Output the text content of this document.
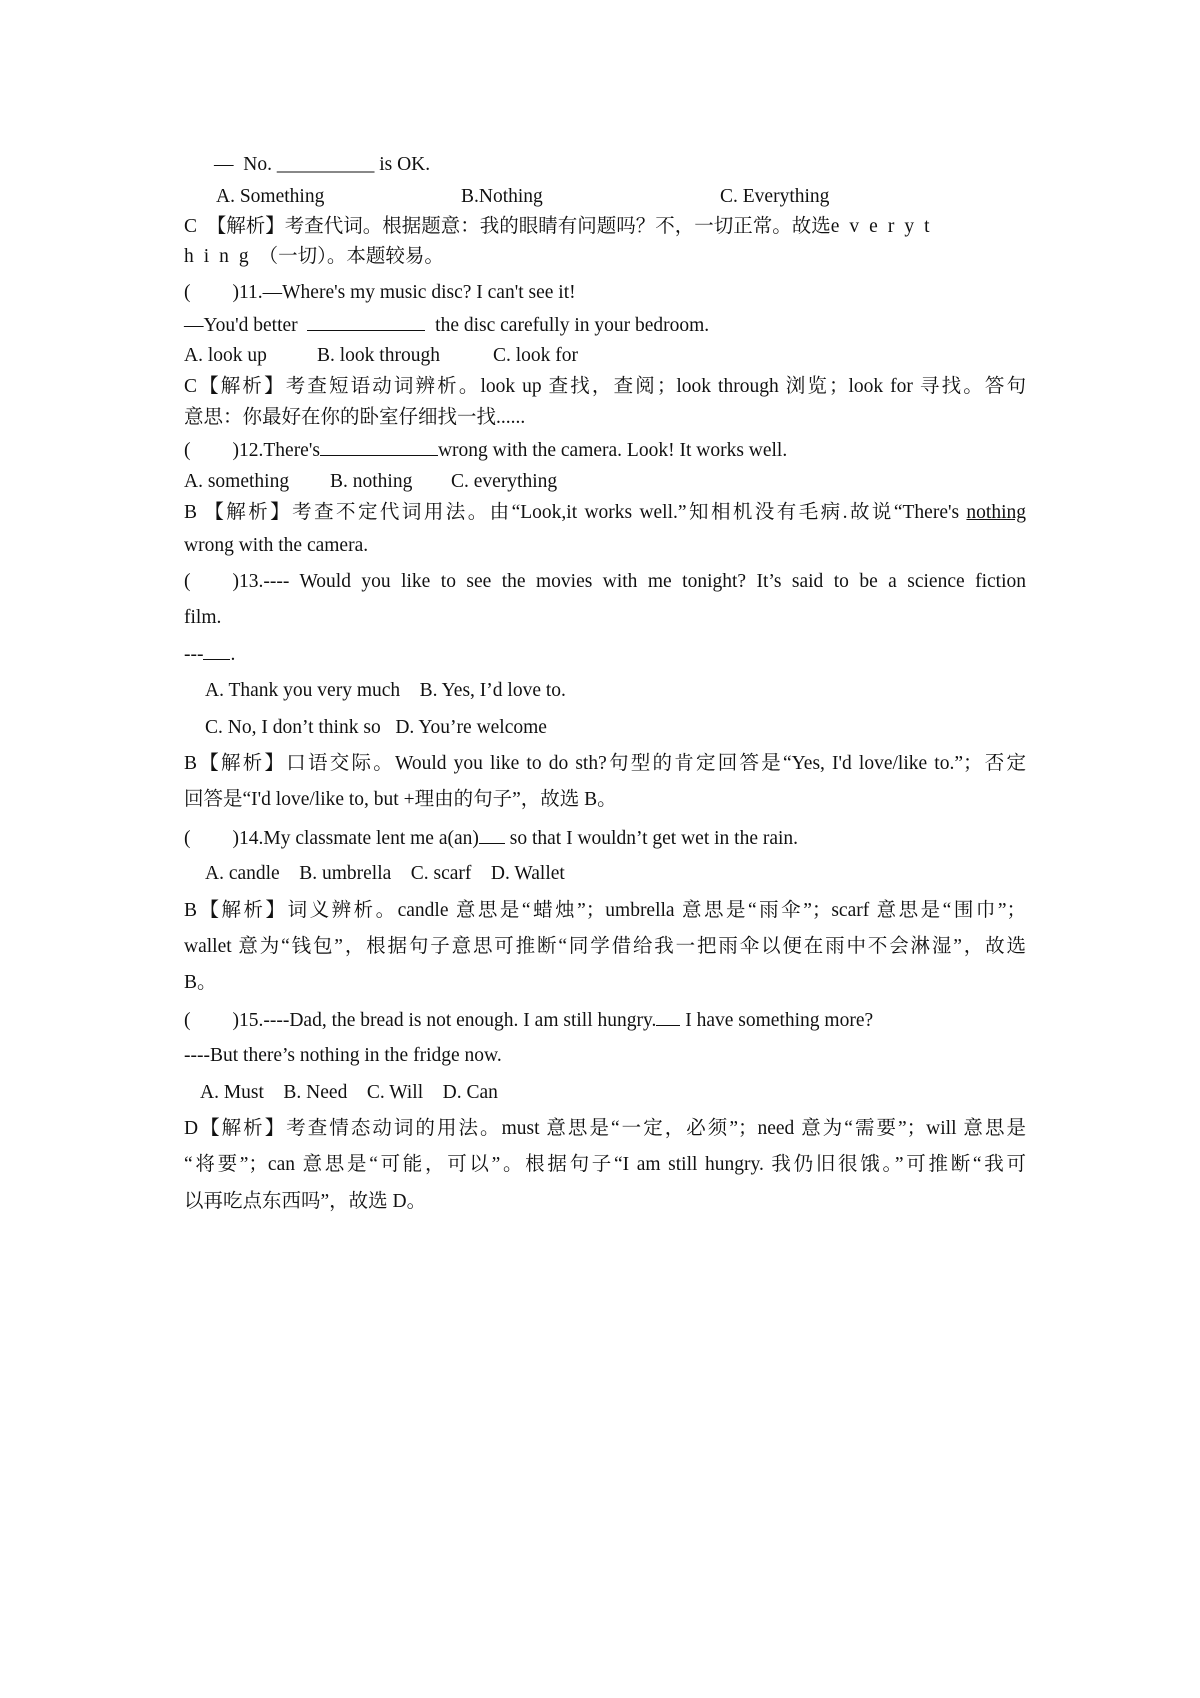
—  No. __________ is OK.
A. Something	B.Nothing	C. Everything
C  【解析】考查代词。根据题意：我的眼睛有问题吗？不，一切正常。故选everyt
hing（一切）。本题较易。
( )11.—Where's my music disc? I can't see it!
—You'd better	the disc carefully in your bedroom.
A. look up	B. look through	C. look for
C【解析】考查短语动词辨析。look up 查找，查阅；look through 浏览；look for 寻找。答句
意思：你最好在你的卧室仔细找一找......
( )12.There's	wrong with the camera. Look! It works well.
A. something B. nothing C. everything
B 【解析】考查不定代词用法。由“Look,it works well.”知相机没有毛病.故说“There's nothing
wrong with the camera.
( )13.---- Would you like to see the movies with me tonight? It’s said to be a science fiction
film.
--- .
A. Thank you very much    B. Yes, I’d love to.
C. No, I don’t think so   D. You’re welcome
B【解析】口语交际。Would you like to do sth?句型的肯定回答是“Yes, I'd love/like to.”；否定
回答是“I'd love/like to, but +理由的句子”，故选 B。
( )14.My classmate lent me a(an) so that I wouldn’t get wet in the rain.
A. candle    B. umbrella    C. scarf    D. Wallet
B【解析】词义辨析。candle 意思是“蜡烛”；umbrella 意思是“雨伞”；scarf 意思是“围巾”；
wallet 意为“钱包”，根据句子意思可推断“同学借给我一把雨伞以便在雨中不会淋湿”，故选
B。
( )15.----Dad, the bread is not enough. I am still hungry. I have something more?
----But there’s nothing in the fridge now.
A. Must    B. Need    C. Will    D. Can
D【解析】考查情态动词的用法。must 意思是“一定，必须”；need 意为“需要”；will 意思是
“将要”；can 意思是“可能，可以”。根据句子“I am still hungry. 我仍旧很饿。”可推断“我可
以再吃点东西吗”，故选 D。
